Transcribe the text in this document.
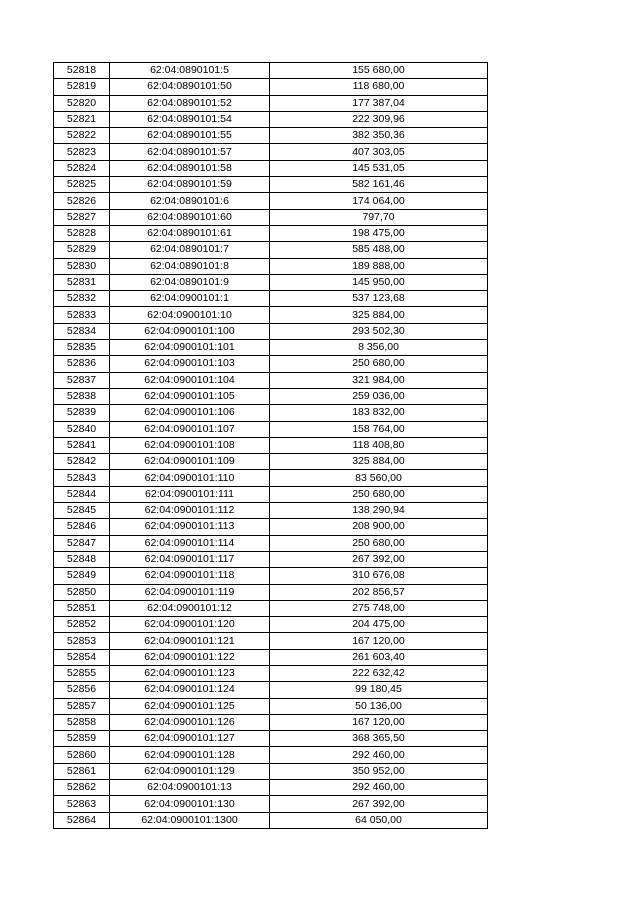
52818	62:04:0890101:5	155 680,00
52819	62:04:0890101:50	118 680,00
52820	62:04:0890101:52	177 387,04
52821	62:04:0890101:54	222 309,96
52822	62:04:0890101:55	382 350,36
52823	62:04:0890101:57	407 303,05
52824	62:04:0890101:58	145 531,05
52825	62:04:0890101:59	582 161,46
52826	62:04:0890101:6	174 064,00
52827	62:04:0890101:60	797,70
52828	62:04:0890101:61	198 475,00
52829	62:04:0890101:7	585 488,00
52830	62:04:0890101:8	189 888,00
52831	62:04:0890101:9	145 950,00
52832	62:04:0900101:1	537 123,68
52833	62:04:0900101:10	325 884,00
52834	62:04:0900101:100	293 502,30
52835	62:04:0900101:101	8 356,00
52836	62:04:0900101:103	250 680,00
52837	62:04:0900101:104	321 984,00
52838	62:04:0900101:105	259 036,00
52839	62:04:0900101:106	183 832,00
52840	62:04:0900101:107	158 764,00
52841	62:04:0900101:108	118 408,80
52842	62:04:0900101:109	325 884,00
52843	62:04:0900101:110	83 560,00
52844	62:04:0900101:111	250 680,00
52845	62:04:0900101:112	138 290,94
52846	62:04:0900101:113	208 900,00
52847	62:04:0900101:114	250 680,00
52848	62:04:0900101:117	267 392,00
52849	62:04:0900101:118	310 676,08
52850	62:04:0900101:119	202 856,57
52851	62:04:0900101:12	275 748,00
52852	62:04:0900101:120	204 475,00
52853	62:04:0900101:121	167 120,00
52854	62:04:0900101:122	261 603,40
52855	62:04:0900101:123	222 632,42
52856	62:04:0900101:124	99 180,45
52857	62:04:0900101:125	50 136,00
52858	62:04:0900101:126	167 120,00
52859	62:04:0900101:127	368 365,50
52860	62:04:0900101:128	292 460,00
52861	62:04:0900101:129	350 952,00
52862	62:04:0900101:13	292 460,00
52863	62:04:0900101:130	267 392,00
52864	62:04:0900101:1300	64 050,00
